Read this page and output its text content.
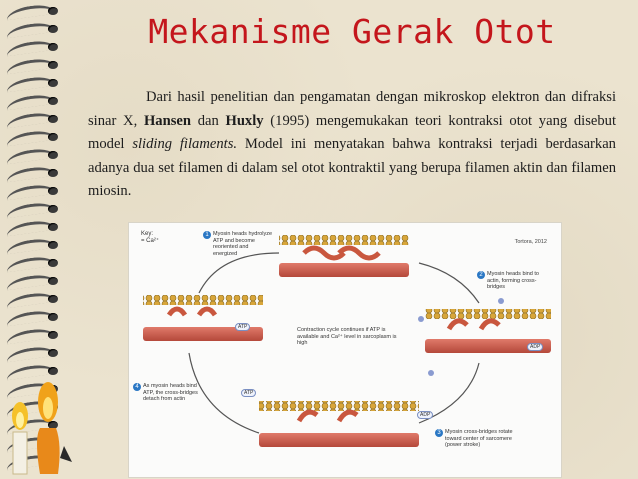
Mekanisme Gerak Otot

Dari hasil penelitian dan pengamatan dengan mikroskop elektron dan difraksi sinar X, Hansen dan Huxly (1995) mengemukakan teori kontraksi otot yang disebut model sliding filaments. Model ini menyatakan bahwa kontraksi terjadi berdasarkan adanya dua set filamen di dalam sel otot kontraktil yang berupa filamen aktin dan filamen miosin.

Key:
= Ca²⁺	Tortora, 2012
1 Myosin heads hydrolyze ATP and become reoriented and energized
2 Myosin heads bind to actin, forming cross-bridges
3 Myosin cross-bridges rotate toward center of sarcomere (power stroke)
4 As myosin heads bind ATP, the cross-bridges detach from actin
Contraction cycle continues if ATP is available and Ca²⁺ level in sarcoplasm is high
ATP
ADP
ADP
ATP
